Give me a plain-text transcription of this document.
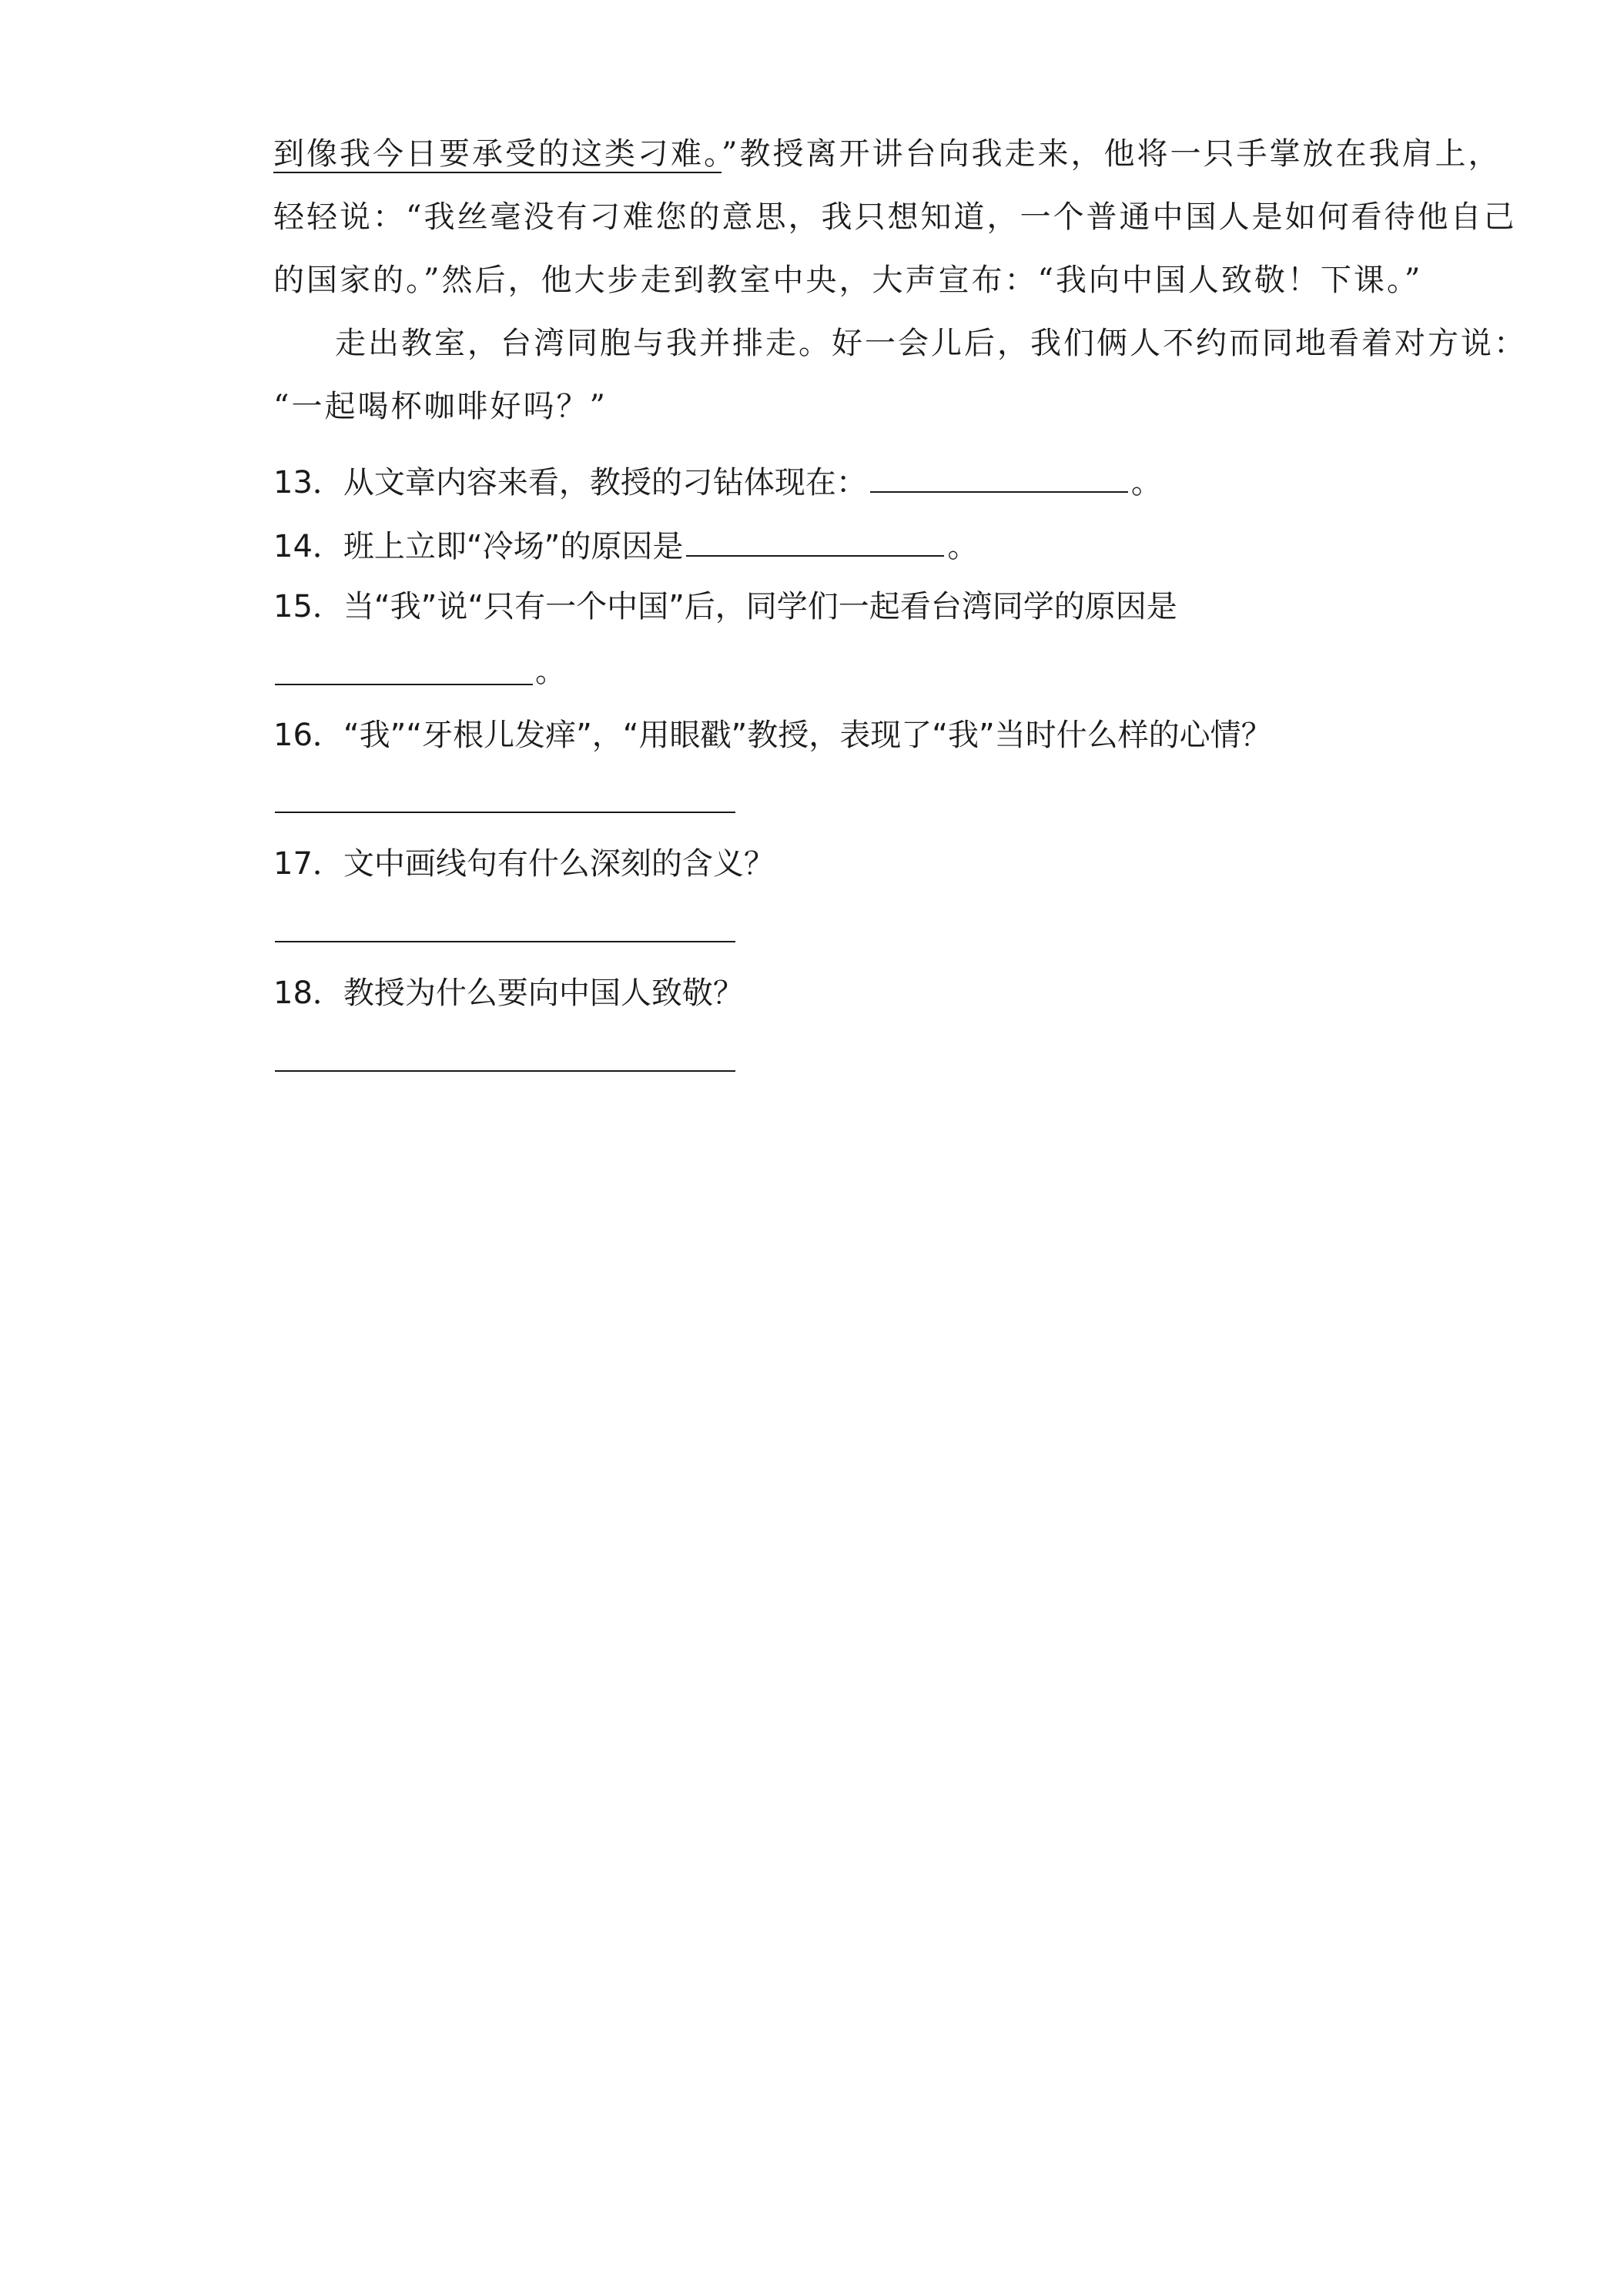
到像我今日要承受的这类刁难。”教授离开讲台向我走来，他将一只手掌放在我肩上，
轻轻说：“我丝毫没有刁难您的意思，我只想知道，一个普通中国人是如何看待他自己
的国家的。”然后，他大步走到教室中央，大声宣布：“我向中国人致敬！下课。”
走出教室，台湾同胞与我并排走。好一会儿后，我们俩人不约而同地看着对方说：
“一起喝杯咖啡好吗？”
13．从文章内容来看，教授的刁钻体现在：	。
14．班上立即“冷场”的原因是	。
15．当“我”说“只有一个中国”后，同学们一起看台湾同学的原因是
。
16．“我”“牙根儿发痒”，“用眼戳”教授，表现了“我”当时什么样的心情？
17．文中画线句有什么深刻的含义？
18．教授为什么要向中国人致敬？
